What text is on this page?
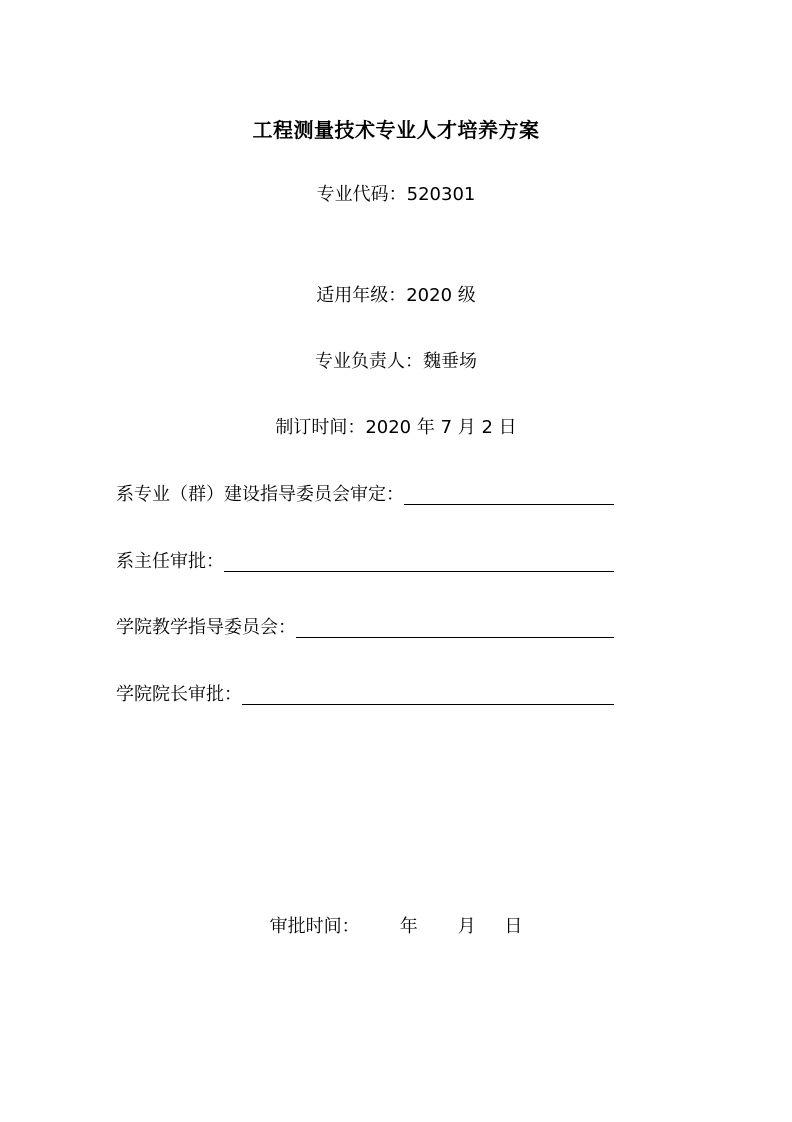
工程测量技术专业人才培养方案
专业代码：520301
适用年级：2020 级
专业负责人：魏垂场
制订时间：2020 年 7 月 2 日
系专业（群）建设指导委员会审定：
系主任审批：
学院教学指导委员会：
学院院长审批：
审批时间： 年 月 日
